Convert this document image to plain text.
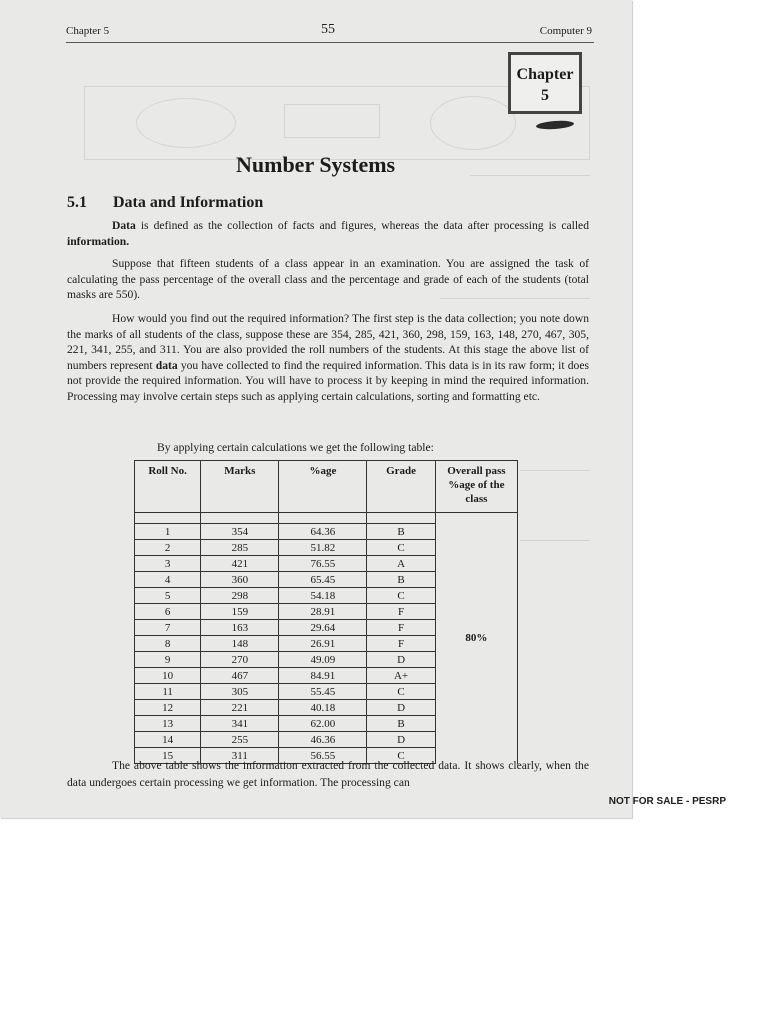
Chapter 5	55	Computer 9
Chapter
5
Number Systems
5.1 Data and Information
Data is defined as the collection of facts and figures, whereas the data after processing is called information.
Suppose that fifteen students of a class appear in an examination. You are assigned the task of calculating the pass percentage of the overall class and the percentage and grade of each of the students (total masks are 550).
How would you find out the required information? The first step is the data collection; you note down the marks of all students of the class, suppose these are 354, 285, 421, 360, 298, 159, 163, 148, 270, 467, 305, 221, 341, 255, and 311. You are also provided the roll numbers of the students. At this stage the above list of numbers represent data you have collected to find the required information. This data is in its raw form; it does not provide the required information. You will have to process it by keeping in mind the required information. Processing may involve certain steps such as applying certain calculations, sorting and formatting etc.
By applying certain calculations we get the following table:
Roll No.	Marks	%age	Grade	Overall pass %age of the class
				80%
1	354	64.36	B	
2	285	51.82	C	
3	421	76.55	A	
4	360	65.45	B	
5	298	54.18	C	
6	159	28.91	F	
7	163	29.64	F	
8	148	26.91	F	
9	270	49.09	D	
10	467	84.91	A+	
11	305	55.45	C	
12	221	40.18	D	
13	341	62.00	B	
14	255	46.36	D	
15	311	56.55	C	
The above table shows the information extracted from the collected data. It shows clearly, when the data undergoes certain processing we get information. The processing can
NOT FOR SALE - PESRP
